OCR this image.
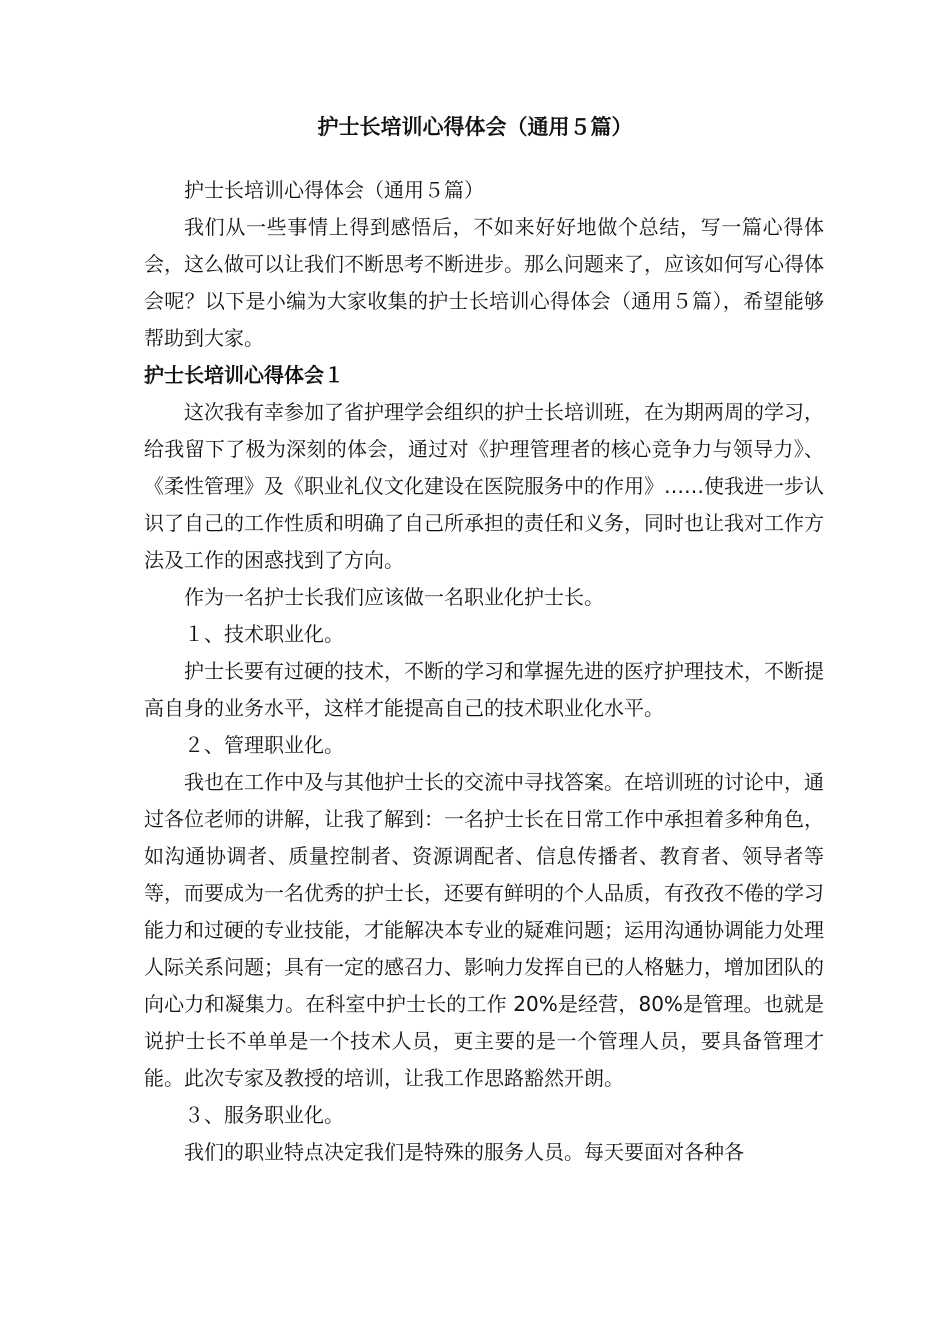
护士长培训心得体会（通用５篇）

护士长培训心得体会（通用５篇）

我们从一些事情上得到感悟后，不如来好好地做个总结，写一篇心得体会，这么做可以让我们不断思考不断进步。那么问题来了，应该如何写心得体会呢？以下是小编为大家收集的护士长培训心得体会（通用５篇），希望能够帮助到大家。

护士长培训心得体会１

这次我有幸参加了省护理学会组织的护士长培训班，在为期两周的学习，给我留下了极为深刻的体会，通过对《护理管理者的核心竞争力与领导力》、《柔性管理》及《职业礼仪文化建设在医院服务中的作用》……使我进一步认识了自己的工作性质和明确了自己所承担的责任和义务，同时也让我对工作方法及工作的困惑找到了方向。

作为一名护士长我们应该做一名职业化护士长。

１、技术职业化。

护士长要有过硬的技术，不断的学习和掌握先进的医疗护理技术，不断提高自身的业务水平，这样才能提高自己的技术职业化水平。

２、管理职业化。

我也在工作中及与其他护士长的交流中寻找答案。在培训班的讨论中，通过各位老师的讲解，让我了解到：一名护士长在日常工作中承担着多种角色，如沟通协调者、质量控制者、资源调配者、信息传播者、教育者、领导者等等，而要成为一名优秀的护士长，还要有鲜明的个人品质，有孜孜不倦的学习能力和过硬的专业技能，才能解决本专业的疑难问题；运用沟通协调能力处理人际关系问题；具有一定的感召力、影响力发挥自已的人格魅力，增加团队的向心力和凝集力。在科室中护士长的工作 20%是经营，80%是管理。也就是说护士长不单单是一个技术人员，更主要的是一个管理人员，要具备管理才能。此次专家及教授的培训，让我工作思路豁然开朗。

３、服务职业化。

我们的职业特点决定我们是特殊的服务人员。每天要面对各种各
